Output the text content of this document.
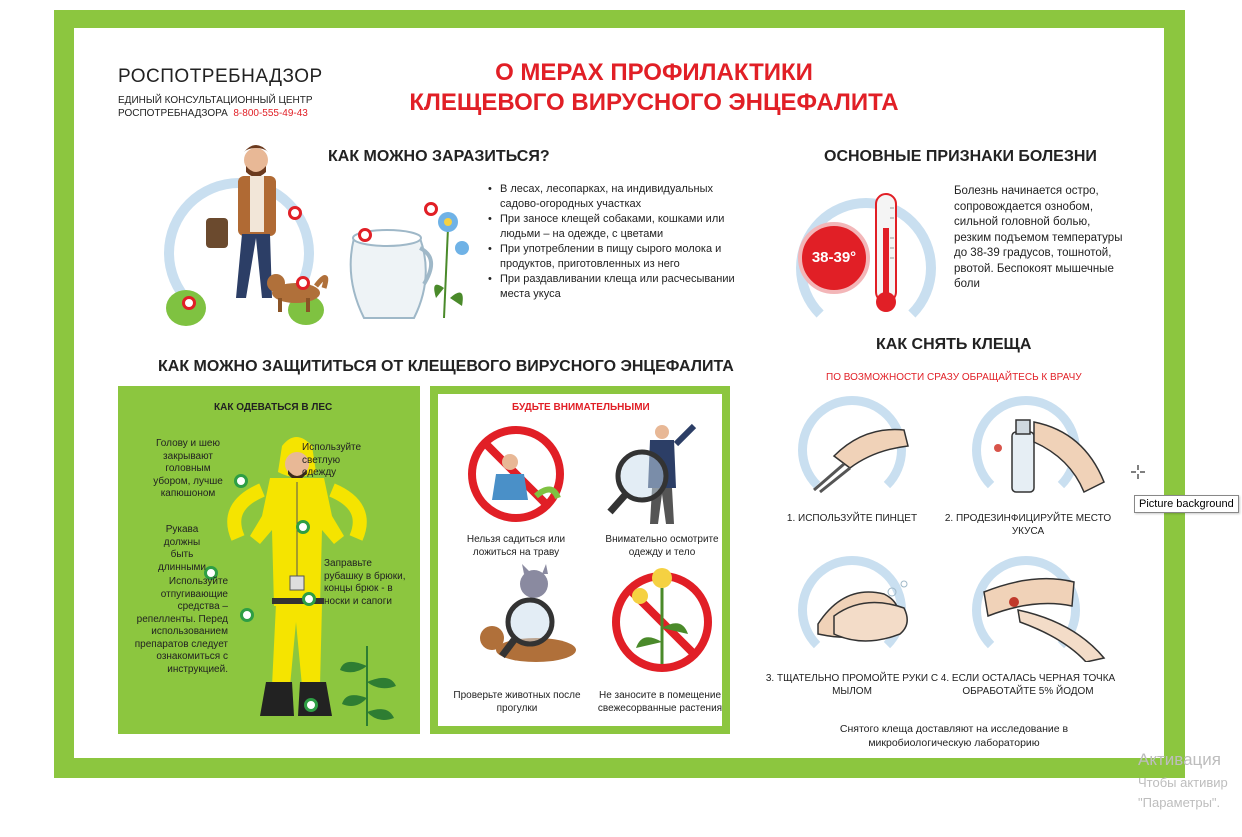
РОСПОТРЕБНАДЗОР
ЕДИНЫЙ КОНСУЛЬТАЦИОННЫЙ ЦЕНТР
РОСПОТРЕБНАДЗОРА 8-800-555-49-43
О МЕРАХ ПРОФИЛАКТИКИ
КЛЕЩЕВОГО ВИРУСНОГО ЭНЦЕФАЛИТА
КАК МОЖНО ЗАРАЗИТЬСЯ?
• В лесах, лесопарках, на индивидуальных садово-огородных участках
• При заносе клещей собаками, кошками или людьми – на одежде, с цветами
• При употреблении в пищу сырого молока и продуктов, приготовленных из него
• При раздавливании клеща или расчесывании места укуса
ОСНОВНЫЕ ПРИЗНАКИ БОЛЕЗНИ
38-39°
Болезнь начинается остро, сопровождается ознобом, сильной головной болью, резким подъемом температуры до 38-39 градусов, тошнотой, рвотой. Беспокоят мышечные боли
КАК МОЖНО ЗАЩИТИТЬСЯ ОТ КЛЕЩЕВОГО ВИРУСНОГО ЭНЦЕФАЛИТА
КАК ОДЕВАТЬСЯ В ЛЕС
Голову и шею закрывают головным убором, лучше капюшоном
Используйте светлую одежду
Рукава должны быть длинными	Заправьте рубашку в брюки, концы брюк - в носки и сапоги
Используйте отпугивающие средства – репелленты. Перед использованием препаратов следует ознакомиться с инструкцией.
БУДЬТЕ ВНИМАТЕЛЬНЫМИ
Нельзя садиться или ложиться на траву
Внимательно осмотрите одежду и тело
Проверьте животных после прогулки
Не заносите в помещение свежесорванные растения
КАК СНЯТЬ КЛЕЩА
ПО ВОЗМОЖНОСТИ СРАЗУ ОБРАЩАЙТЕСЬ К ВРАЧУ
1. ИСПОЛЬЗУЙТЕ ПИНЦЕТ	2. ПРОДЕЗИНФИЦИРУЙТЕ МЕСТО УКУСА
3. ТЩАТЕЛЬНО ПРОМОЙТЕ РУКИ С МЫЛОМ
4. ЕСЛИ ОСТАЛАСЬ ЧЕРНАЯ ТОЧКА ОБРАБОТАЙТЕ 5% ЙОДОМ
Снятого клеща доставляют на исследование в микробиологическую лабораторию
Picture background
Активация
Чтобы активир
"Параметры".
